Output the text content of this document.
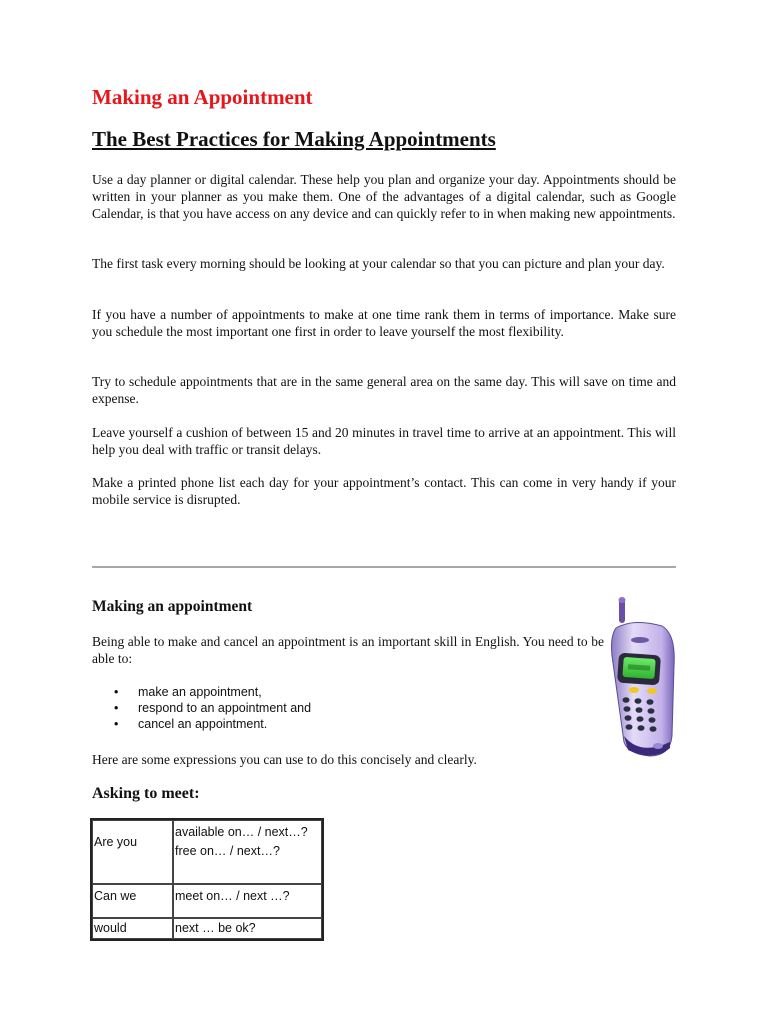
Making an Appointment
The Best Practices for Making Appointments

Use a day planner or digital calendar. These help you plan and organize your day. Appointments should be written in your planner as you make them. One of the advantages of a digital calendar, such as Google Calendar, is that you have access on any device and can quickly refer to in when making new appointments.

The first task every morning should be looking at your calendar so that you can picture and plan your day.

If you have a number of appointments to make at one time rank them in terms of importance. Make sure you schedule the most important one first in order to leave yourself the most flexibility.

Try to schedule appointments that are in the same general area on the same day. This will save on time and expense.

Leave yourself a cushion of between 15 and 20 minutes in travel time to arrive at an appointment. This will help you deal with traffic or transit delays.

Make a printed phone list each day for your appointment’s contact. This can come in very handy if your mobile service is disrupted.

Making an appointment

Being able to make and cancel an appointment is an important skill in English. You need to be able to:

• make an appointment,
• respond to an appointment and
• cancel an appointment.

Here are some expressions you can use to do this concisely and clearly.

Asking to meet:
Are you	available on… / next…?
free on… / next…?

Can we	meet on… / next …?
would	next … be ok?
